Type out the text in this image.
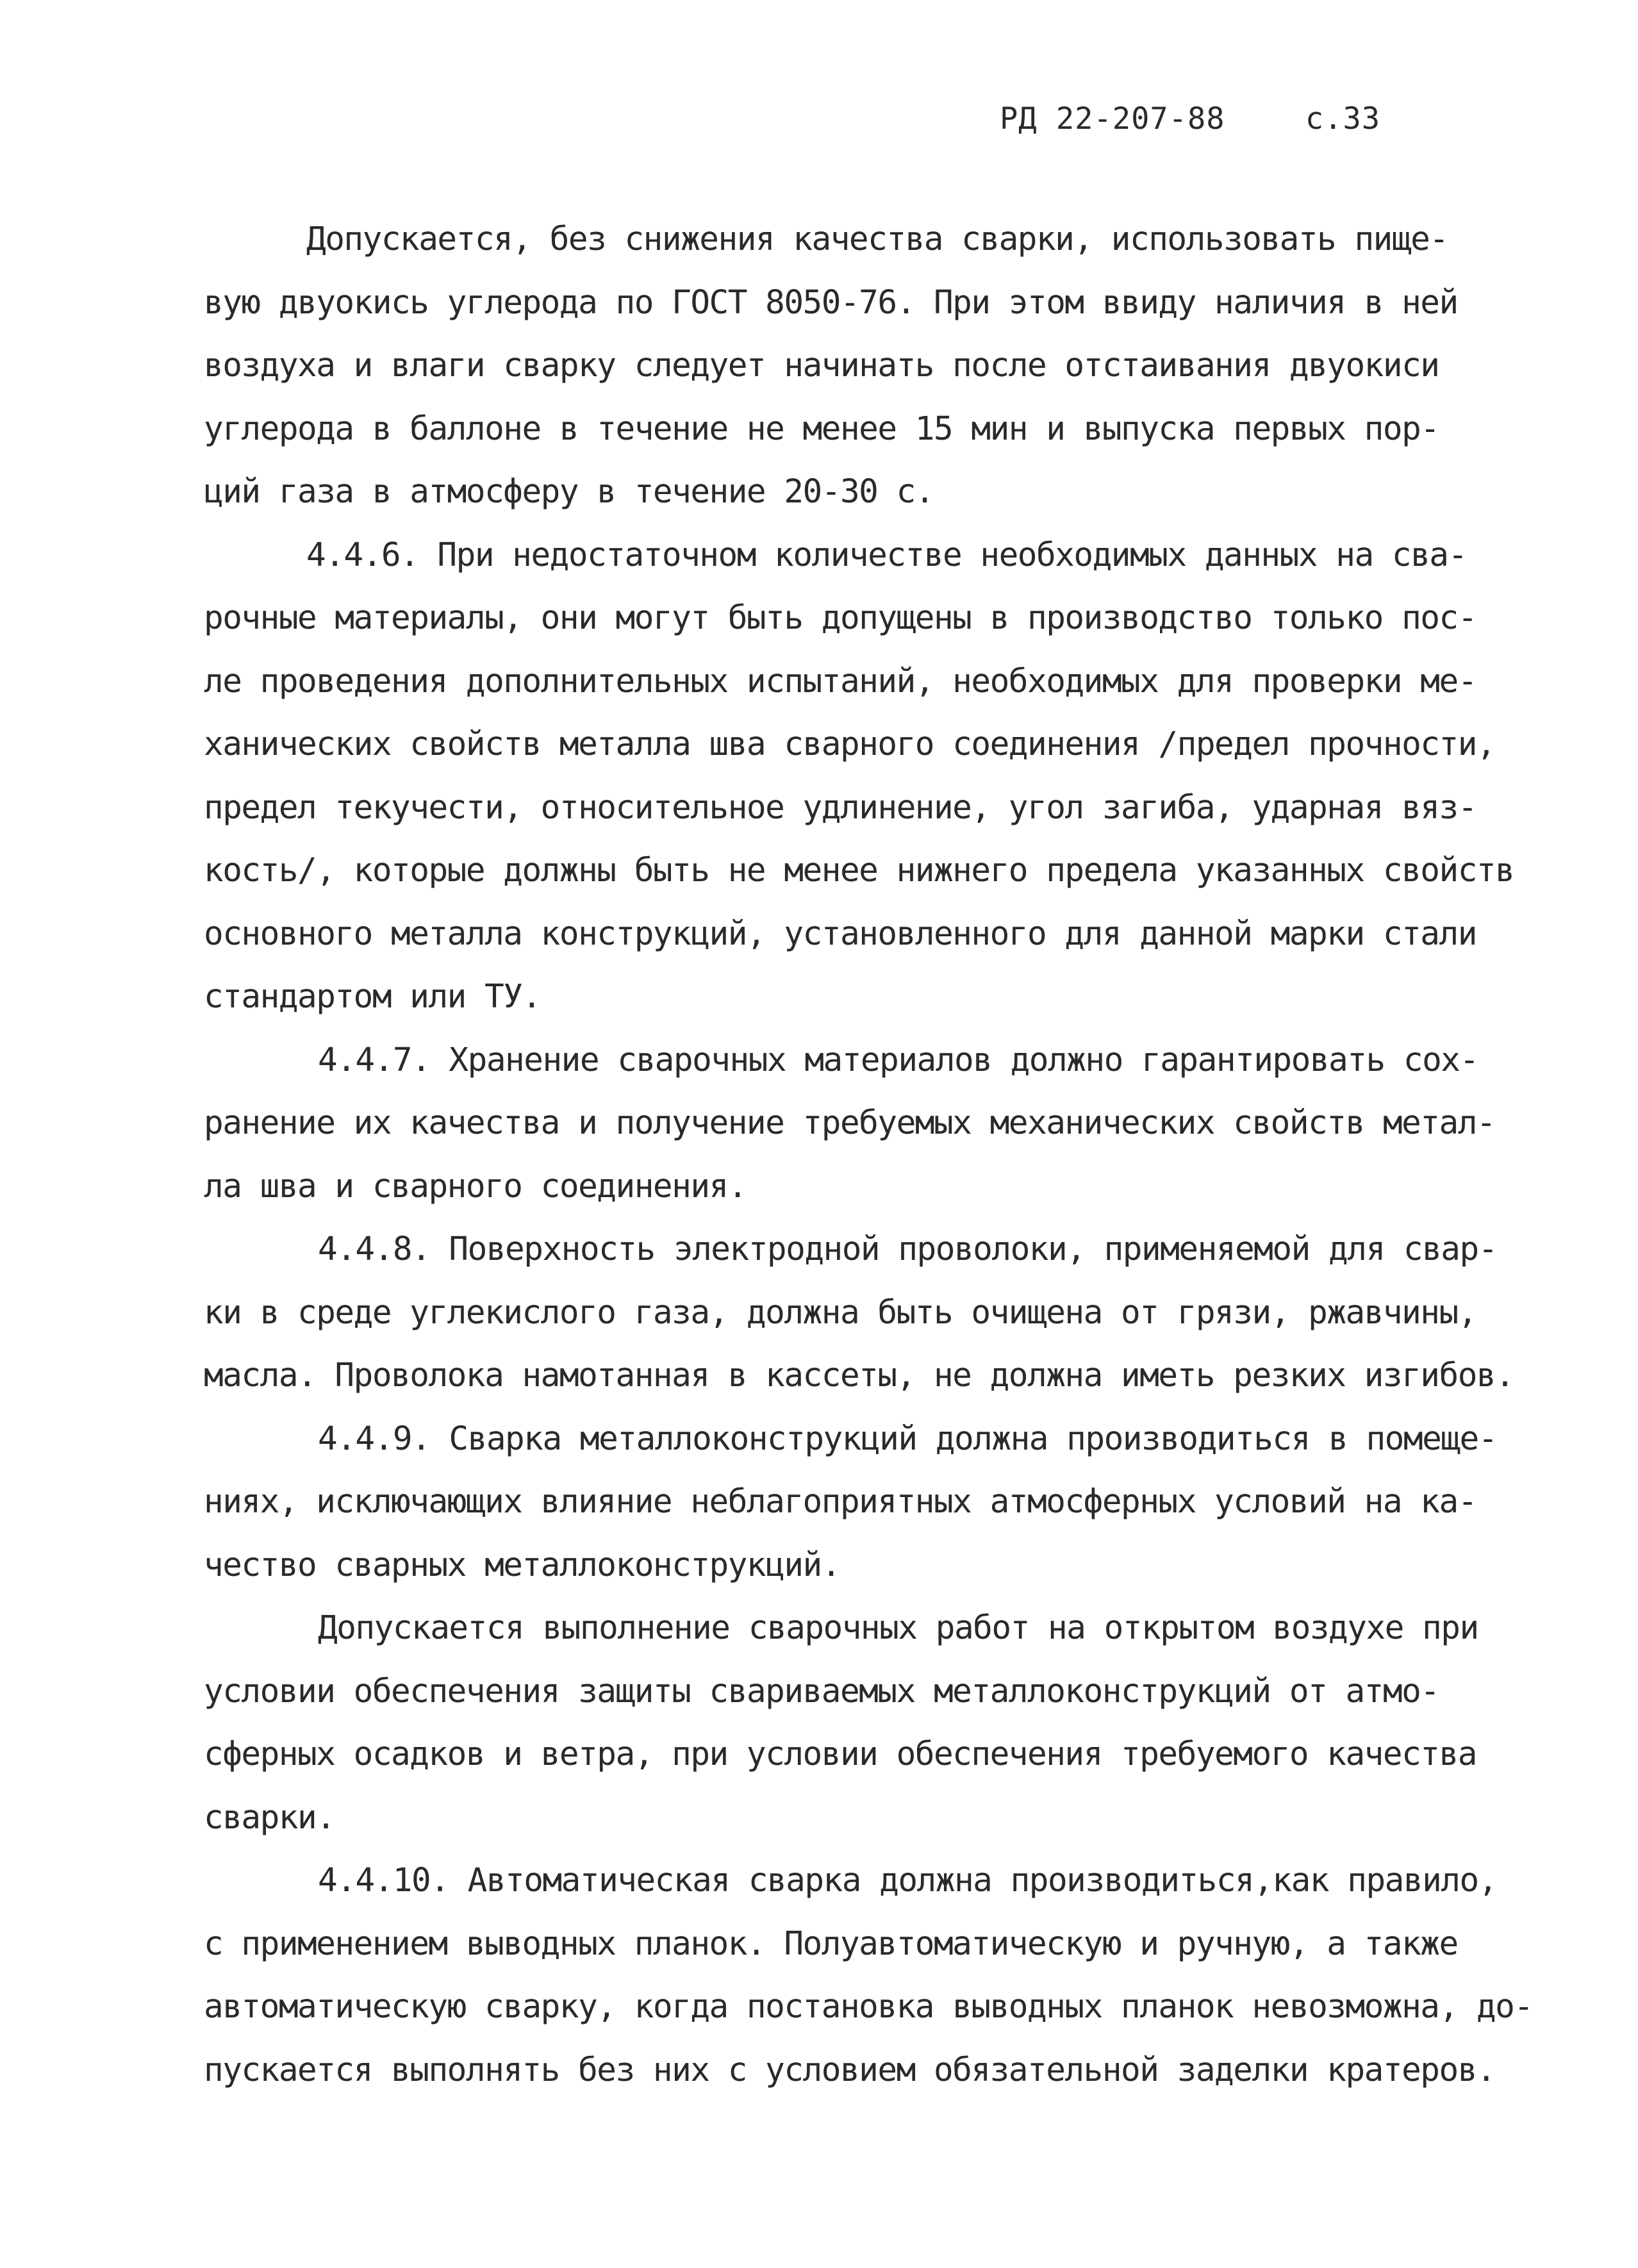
РД 22-207-88	с.33
Допускается, без снижения качества сварки, использовать пище-
вую двуокись углерода по ГОСТ 8050-76. При этом ввиду наличия в ней
воздуха и влаги сварку следует начинать после отстаивания двуокиси
углерода в баллоне в течение не менее 15 мин и выпуска первых пор-
ций газа в атмосферу в течение 20-30 с.
4.4.6. При недостаточном количестве необходимых данных на сва-
рочные материалы, они могут быть допущены в производство только пос-
ле проведения дополнительных испытаний, необходимых для проверки ме-
ханических свойств металла шва сварного соединения /предел прочности,
предел текучести, относительное удлинение, угол загиба, ударная вяз-
кость/, которые должны быть не менее нижнего предела указанных свойств
основного металла конструкций, установленного для данной марки стали
стандартом или ТУ.
4.4.7. Хранение сварочных материалов должно гарантировать сох-
ранение их качества и получение требуемых механических свойств метал-
ла шва и сварного соединения.
4.4.8. Поверхность электродной проволоки, применяемой для свар-
ки в среде углекислого газа, должна быть очищена от грязи, ржавчины,
масла. Проволока намотанная в кассеты, не должна иметь резких изгибов.
4.4.9. Сварка металлоконструкций должна производиться в помеще-
ниях, исключающих влияние неблагоприятных атмосферных условий на ка-
чество сварных металлоконструкций.
Допускается выполнение сварочных работ на открытом воздухе при
условии обеспечения защиты свариваемых металлоконструкций от атмо-
сферных осадков и ветра, при условии обеспечения требуемого качества
сварки.
4.4.10. Автоматическая сварка должна производиться,как правило,
с применением выводных планок. Полуавтоматическую и ручную, а также
автоматическую сварку, когда постановка выводных планок невозможна, до-
пускается выполнять без них с условием обязательной заделки кратеров.
